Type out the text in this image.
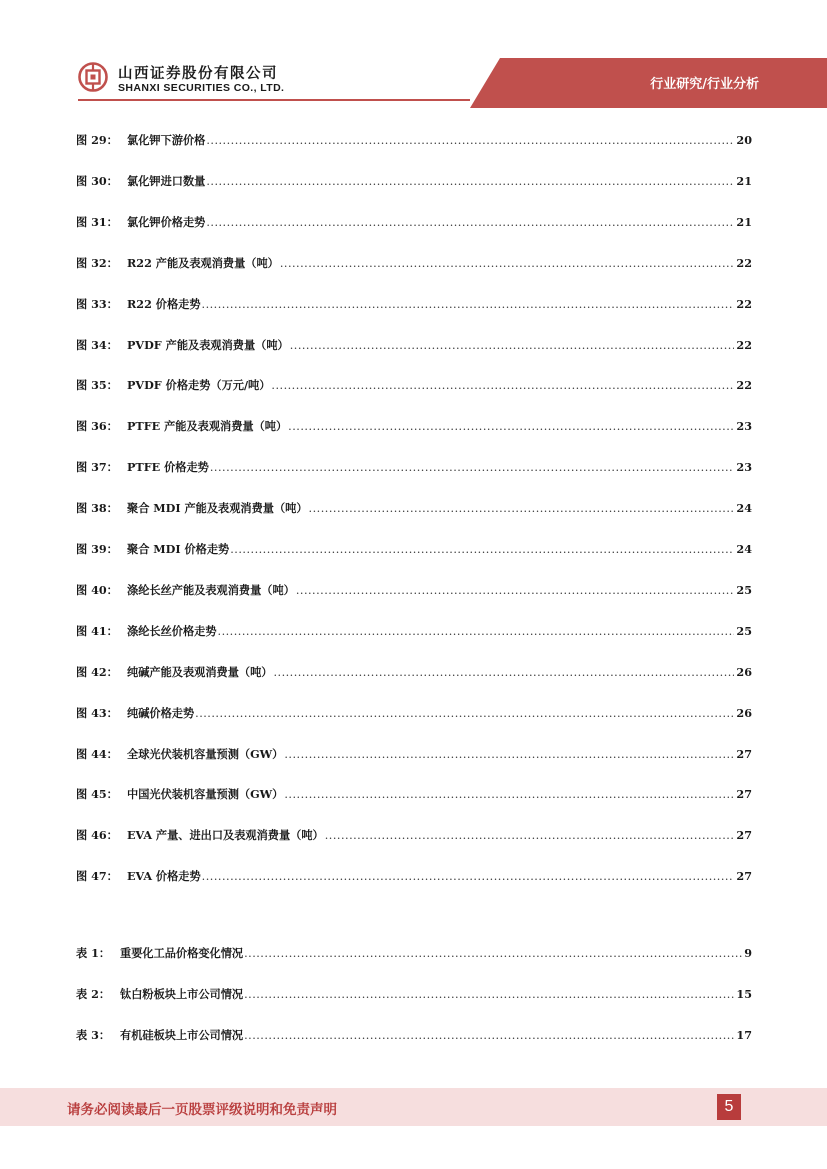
山西证券股份有限公司
SHANXI SECURITIES CO., LTD.	行业研究/行业分析
图 29： 氯化钾下游价格 .....	20
图 30： 氯化钾进口数量 .....	21
图 31： 氯化钾价格走势 .....	21
图 32： R22 产能及表观消费量（吨） .....	22
图 33： R22 价格走势 .....	22
图 34： PVDF 产能及表观消费量（吨） .....	22
图 35： PVDF 价格走势（万元/吨） .....	22
图 36： PTFE 产能及表观消费量（吨） .....	23
图 37： PTFE 价格走势 .....	23
图 38： 聚合 MDI 产能及表观消费量（吨） .....	24
图 39： 聚合 MDI 价格走势 .....	24
图 40： 涤纶长丝产能及表观消费量（吨） .....	25
图 41： 涤纶长丝价格走势 .....	25
图 42： 纯碱产能及表观消费量（吨） .....	26
图 43： 纯碱价格走势 .....	26
图 44： 全球光伏装机容量预测（GW） .....	27
图 45： 中国光伏装机容量预测（GW） .....	27
图 46： EVA 产量、进出口及表观消费量（吨） .....	27
图 47： EVA 价格走势 .....	27
表 1： 重要化工品价格变化情况 .....	9
表 2： 钛白粉板块上市公司情况 .....	15
表 3： 有机硅板块上市公司情况 .....	17
请务必阅读最后一页股票评级说明和免责声明	5
